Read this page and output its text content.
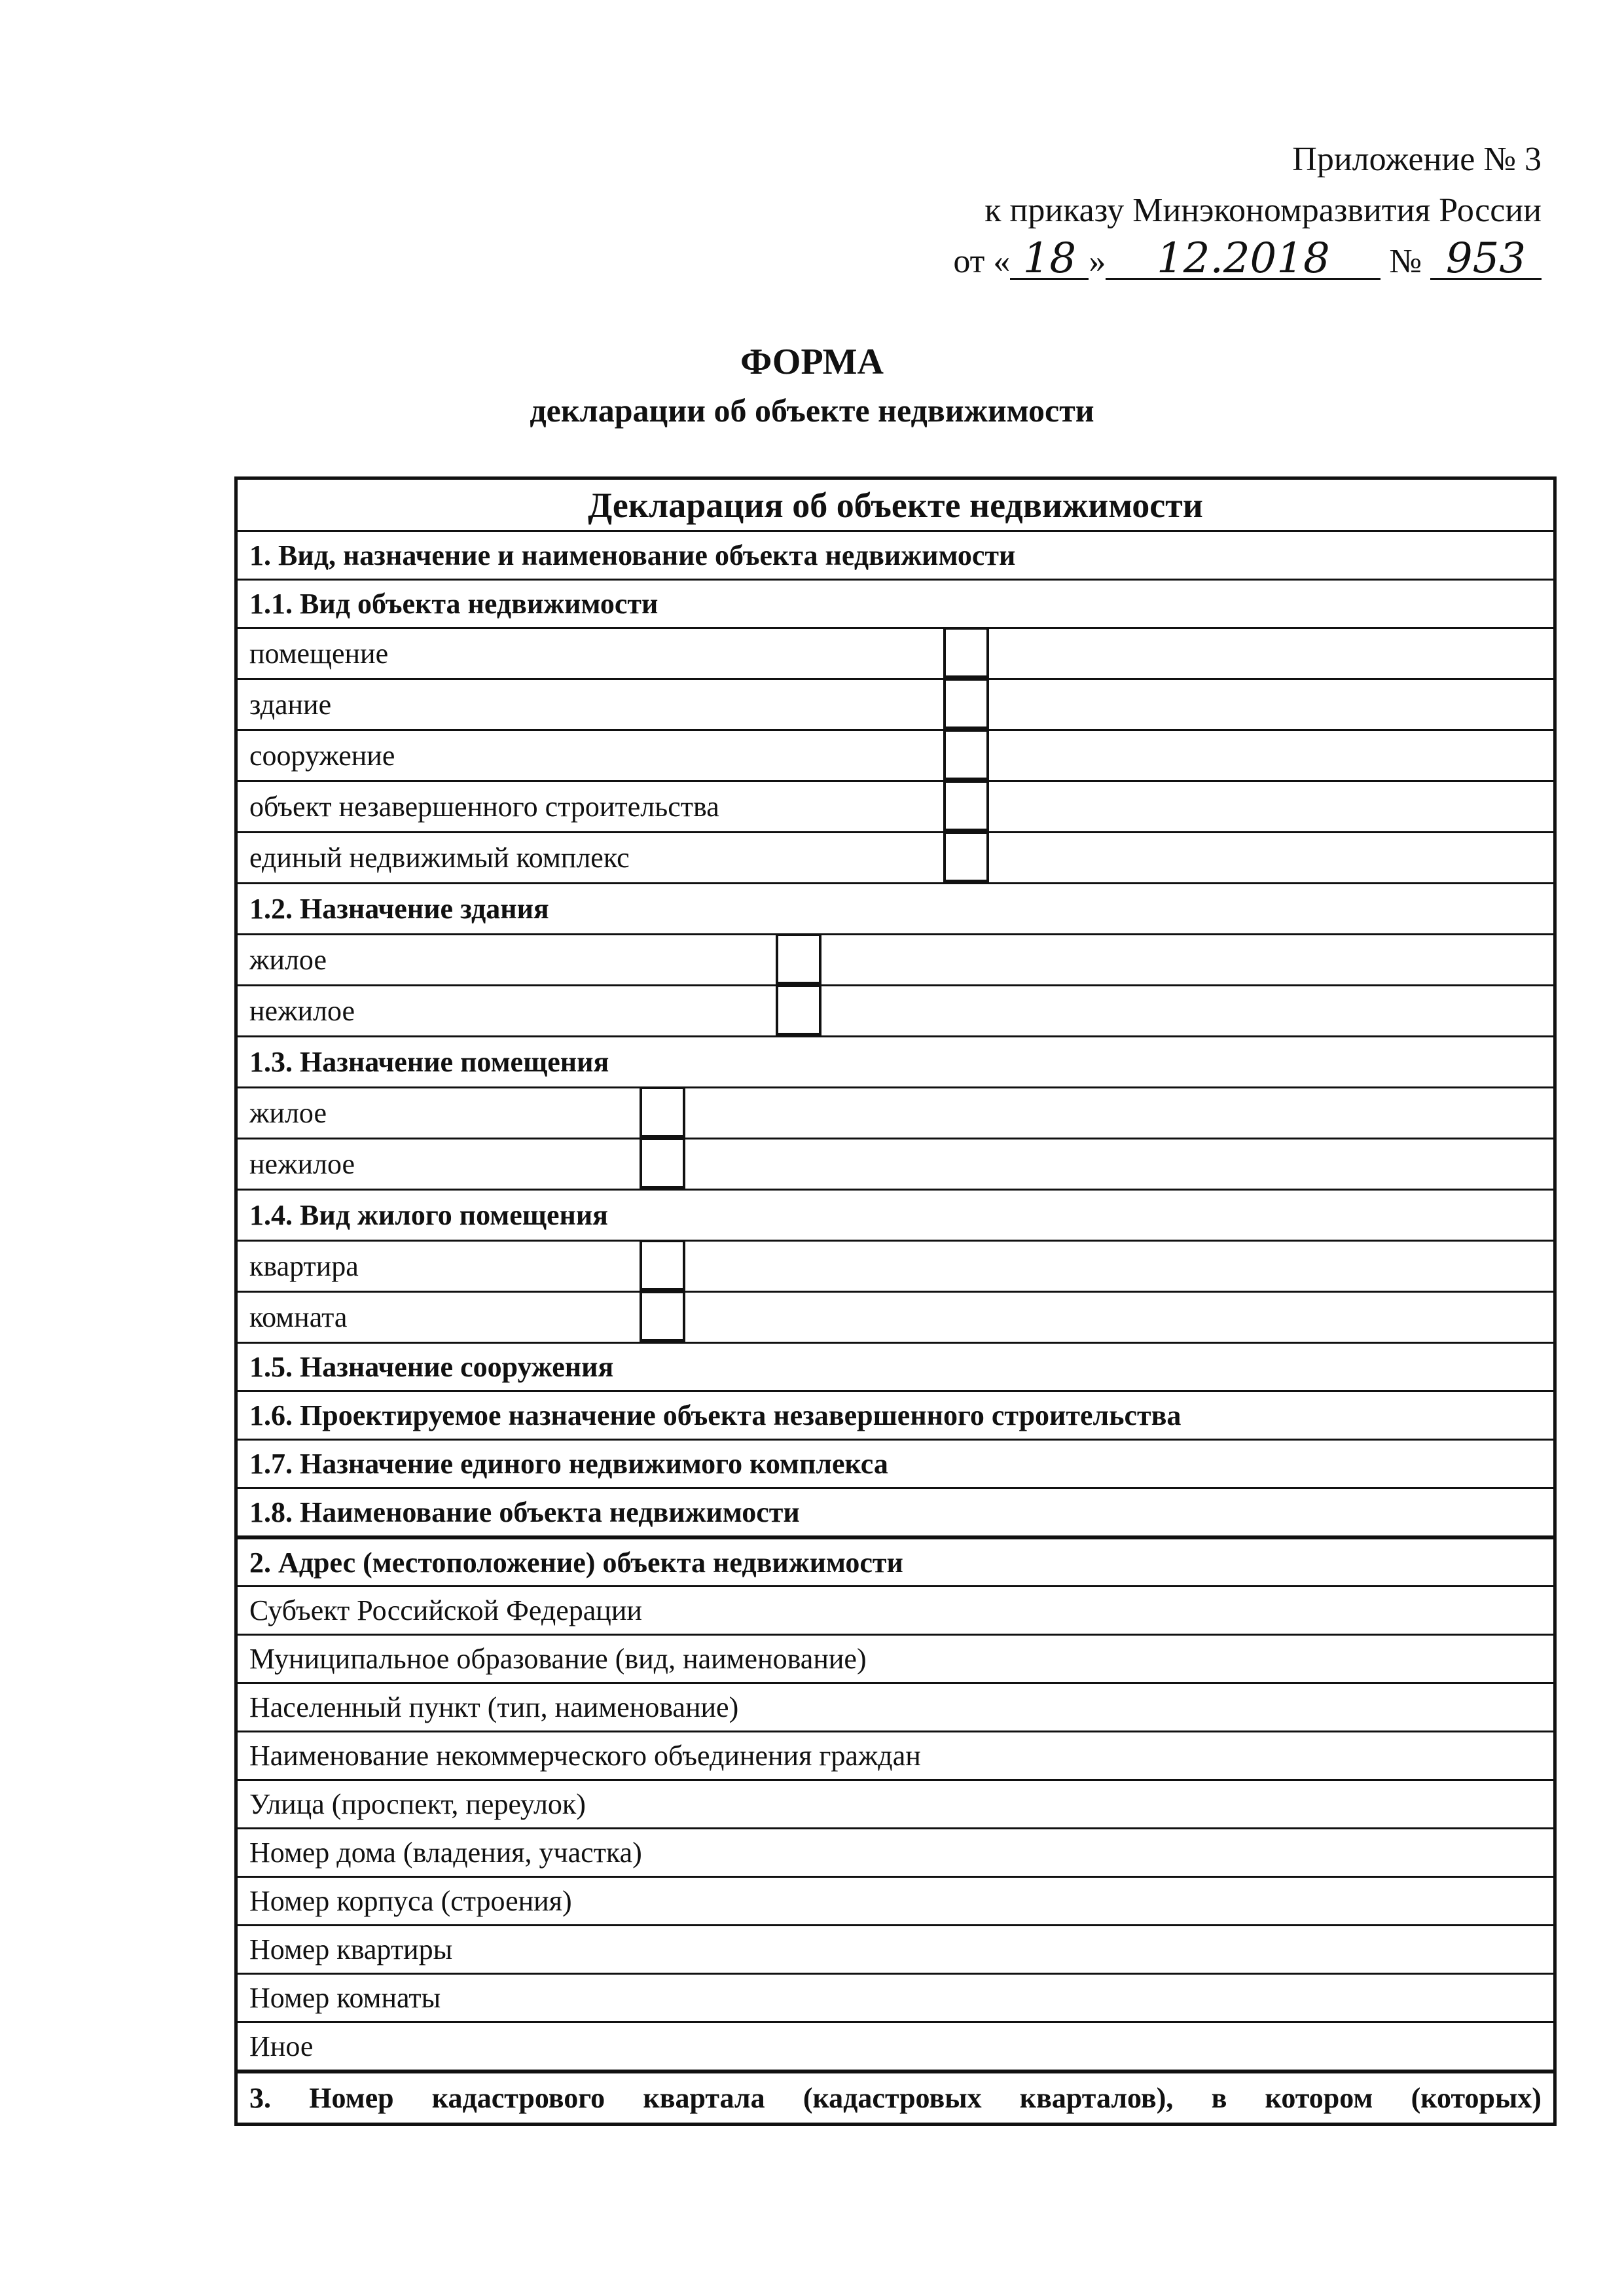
Приложение № 3
к приказу Минэкономразвития России
от « 18 » 12.2018 № 953
ФОРМА
декларации об объекте недвижимости
Декларация об объекте недвижимости
1. Вид, назначение и наименование объекта недвижимости
1.1. Вид объекта недвижимости
помещение
здание
сооружение
объект незавершенного строительства
единый недвижимый комплекс
1.2. Назначение здания
жилое
нежилое
1.3. Назначение помещения
жилое
нежилое
1.4. Вид жилого помещения
квартира
комната
1.5. Назначение сооружения
1.6. Проектируемое назначение объекта незавершенного строительства
1.7. Назначение единого недвижимого комплекса
1.8. Наименование объекта недвижимости
2. Адрес (местоположение) объекта недвижимости
Субъект Российской Федерации
Муниципальное образование (вид, наименование)
Населенный пункт (тип, наименование)
Наименование некоммерческого объединения граждан
Улица (проспект, переулок)
Номер дома (владения, участка)
Номер корпуса (строения)
Номер квартиры
Номер комнаты
Иное
3. Номер кадастрового квартала (кадастровых кварталов), в котором (которых)
